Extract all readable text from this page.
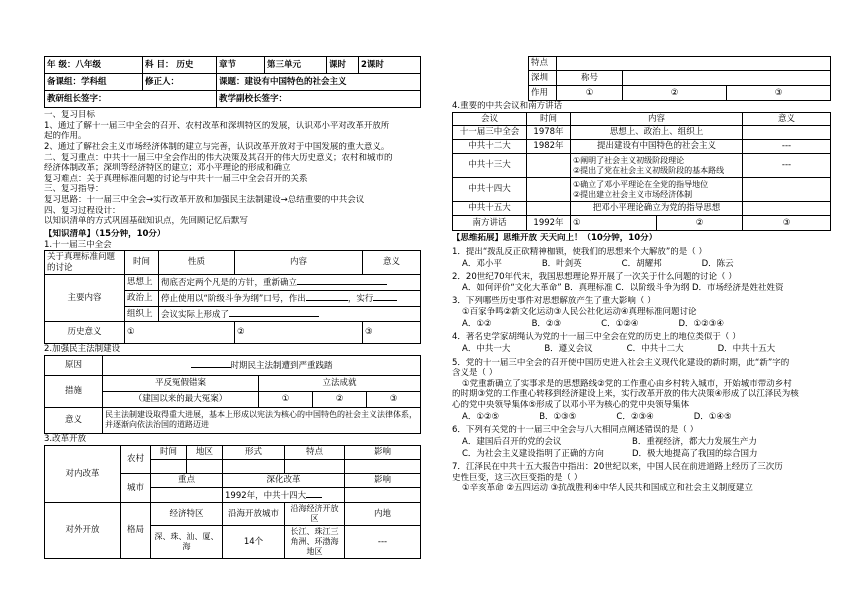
年 级：八年级	科 目： 历史	章节	第三单元	课时	2课时
备课组：学科组	修正人：	课题：建设有中国特色的社会主义			
教研组长签字：		教学副校长签字：			
一、复习目标
1、通过了解十一届三中全会的召开、农村改革和深圳特区的发展，认识邓小平对改革开放所
起的作用。
2、通过了解社会主义市场经济体制的建立与完善，认识改革开放对于中国发展的重大意义。
二、复习重点：中共十一届三中全会作出的伟大决策及其召开的伟大历史意义；农村和城市的
经济体制改革；深圳等经济特区的建立；邓小平理论的形成和确立
复习难点：关于真理标准问题的讨论与中共十一届三中全会召开的关系
三、复习指导：
复习思路：十一届三中全会→实行改革开放和加强民主法制建设→总结重要的中共会议
四、复习过程设计：
以知识清单的方式巩固基础知识点，先回顾记忆后默写
【知识清单】（15分钟，10分）
1.十一届三中全会
关于真理标准问题的讨论	时间	性质	内容	意义
主要内容	思想上	彻底否定两个凡是的方针，重新确立		
	政治上	停止使用以“阶级斗争为纲”口号，作出 ，实行		
	组织上	会议实际上形成了		
历史意义	①		②	③
2.加强民主法制建设
原因	时期民主法制遭到严重践踏			
措施	平反冤假错案	立法成就		
	（建国以来的最大冤案）	①	②	③
意义	民主法制建设取得重大进展，基本上形成以宪法为核心的中国特色的社会主义法律体系，并逐渐向依法治国的道路迈进			
3.改革开放
对内改革	农村	时间	地区	形式	特点	影响

	城市	重点		深化改革		影响
				1992年，中共十四大		
对外开放	格局	经济特区		沿海开放城市	沿海经济开放区	内地
		深、珠、汕、厦、海		14个	长江、珠江三角洲、环渤海地区	---
特点			
深圳	称号		
作用	①	②	③
4.重要的中共会议和南方讲话
会议	时间	内容		意义
十一届三中全会	1978年	思想上、政治上、组织上		
中共十二大	1982年	提出建设有中国特色的社会主义		---
中共十三大		①阐明了社会主义初级阶段理论
②提出了党在社会主义初级阶段的基本路线		---
中共十四大		①确立了邓小平理论在全党的指导地位
②提出建立社会主义市场经济体制		
中共十五大		把邓小平理论确立为党的指导思想		
南方讲话	1992年	①	②	③
【思维拓展】思维开放 天天向上！（10分钟，10分）
1．提出“拨乱反正砍精神枷锁，使我们的思想来个大解放”的是（ ）
A．邓小平	B．叶剑英	C．胡耀邦	D．陈云
2．20世纪70年代末，我国思想理论界开展了一次关于什么问题的讨论（ ）
A．如何评价“文化大革命” B．真理标准 C．以阶级斗争为纲 D．市场经济是姓社姓资
3．下列哪些历史事件对思想解放产生了重大影响（ ）
①百家争鸣②新文化运动③人民公社化运动④真理标准问题讨论
A．①②	B．②③	C．①②④	D．①②③④
4．著名史学家胡绳认为党的十一届三中全会在党的历史上的地位类似于（ ）
A．中共一大	B．遵义会议	C．中共十二大	D．中共十五大
5．党的十一届三中全会的召开使中国历史进入社会主义现代化建设的新时期，此“新”字的
含义是（ ）
①党重新确立了实事求是的思想路线②党的工作重心由乡村转入城市，开始城市带动乡村
的时期③党的工作重心转移到经济建设上来，实行改革开放的伟大决策④形成了以江泽民为核
心的党中央领导集体⑤形成了以邓小平为核心的党中央领导集体
A．①②⑤	B．①③⑤	C．②③④	D．①④⑤
6．下列有关党的十一届三中全会与八大相同点阐述错误的是（ ）
A．建国后召开的党的会议	B．重视经济，都大力发展生产力
C．为社会主义建设指明了正确的方向	D．极大地提高了我国的综合国力
7．江泽民在中共十五大报告中指出：20世纪以来，中国人民在前进道路上经历了三次历
史性巨变，这三次巨变指的是（ ）
①辛亥革命 ②五四运动 ③抗战胜利④中华人民共和国成立和社会主义制度建立
